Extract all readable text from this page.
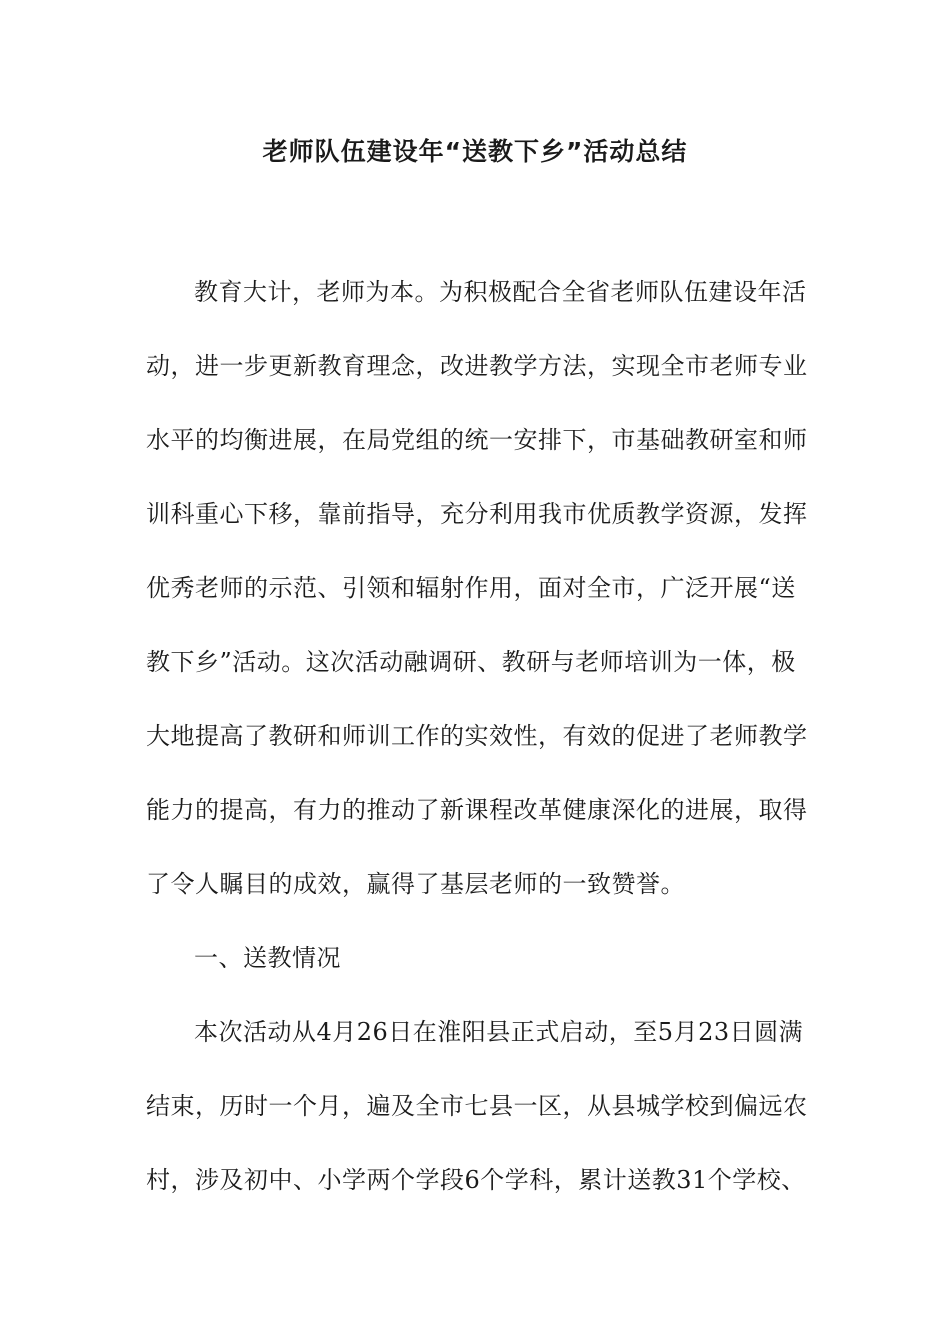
老师队伍建设年“送教下乡”活动总结

教育大计，老师为本。为积极配合全省老师队伍建设年活
动，进一步更新教育理念，改进教学方法，实现全市老师专业
水平的均衡进展，在局党组的统一安排下，市基础教研室和师
训科重心下移，靠前指导，充分利用我市优质教学资源，发挥
优秀老师的示范、引领和辐射作用，面对全市，广泛开展“送
教下乡”活动。这次活动融调研、教研与老师培训为一体，极
大地提高了教研和师训工作的实效性，有效的促进了老师教学
能力的提高，有力的推动了新课程改革健康深化的进展，取得
了令人瞩目的成效，赢得了基层老师的一致赞誉。

一、送教情况

本次活动从4月26日在淮阳县正式启动，至5月23日圆满
结束，历时一个月，遍及全市七县一区，从县城学校到偏远农
村，涉及初中、小学两个学段6个学科，累计送教31个学校、
